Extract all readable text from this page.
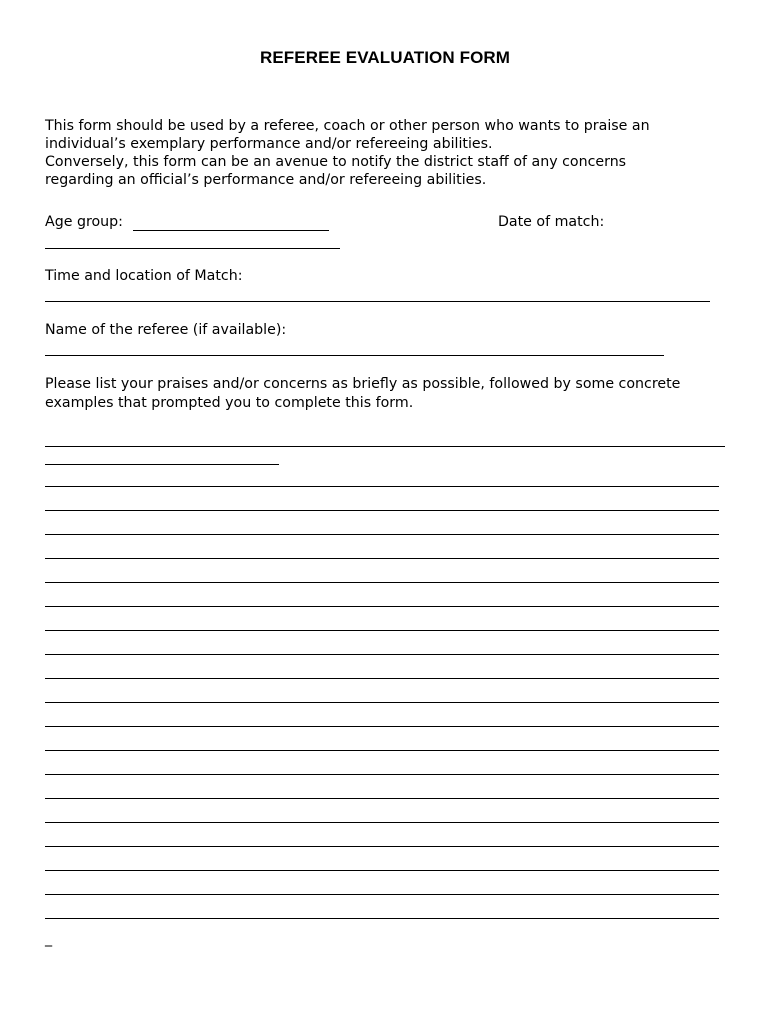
REFEREE EVALUATION FORM
This form should be used by a referee, coach or other person who wants to praise an
individual’s exemplary performance and/or refereeing abilities.
Conversely, this form can be an avenue to notify the district staff of any concerns
regarding an official’s performance and/or refereeing abilities.
Age group:	Date of match:
Time and location of Match:
Name of the referee (if available):
Please list your praises and/or concerns as briefly as possible, followed by some concrete
examples that prompted you to complete this form.
_
